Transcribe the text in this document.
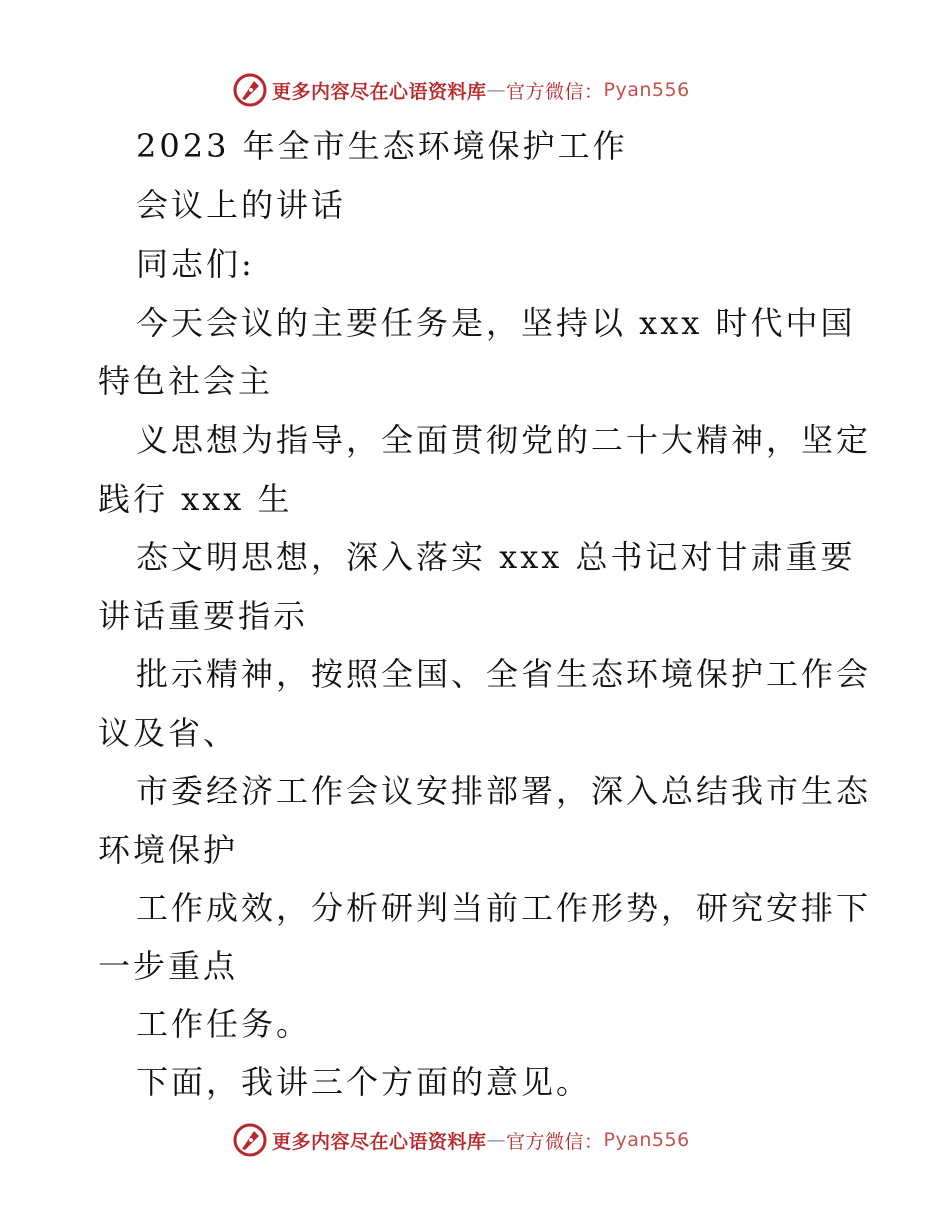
更多内容尽在心语资料库 — 官方微信： Pyan556
2023 年全市生态环境保护工作
会议上的讲话
同志们:
今天会议的主要任务是，坚持以 xxx 时代中国
特色社会主
义思想为指导，全面贯彻党的二十大精神，坚定
践行 xxx 生
态文明思想，深入落实 xxx 总书记对甘肃重要
讲话重要指示
批示精神，按照全国、全省生态环境保护工作会
议及省、
市委经济工作会议安排部署，深入总结我市生态
环境保护
工作成效，分析研判当前工作形势，研究安排下
一步重点
工作任务。
下面，我讲三个方面的意见。
更多内容尽在心语资料库 — 官方微信： Pyan556
